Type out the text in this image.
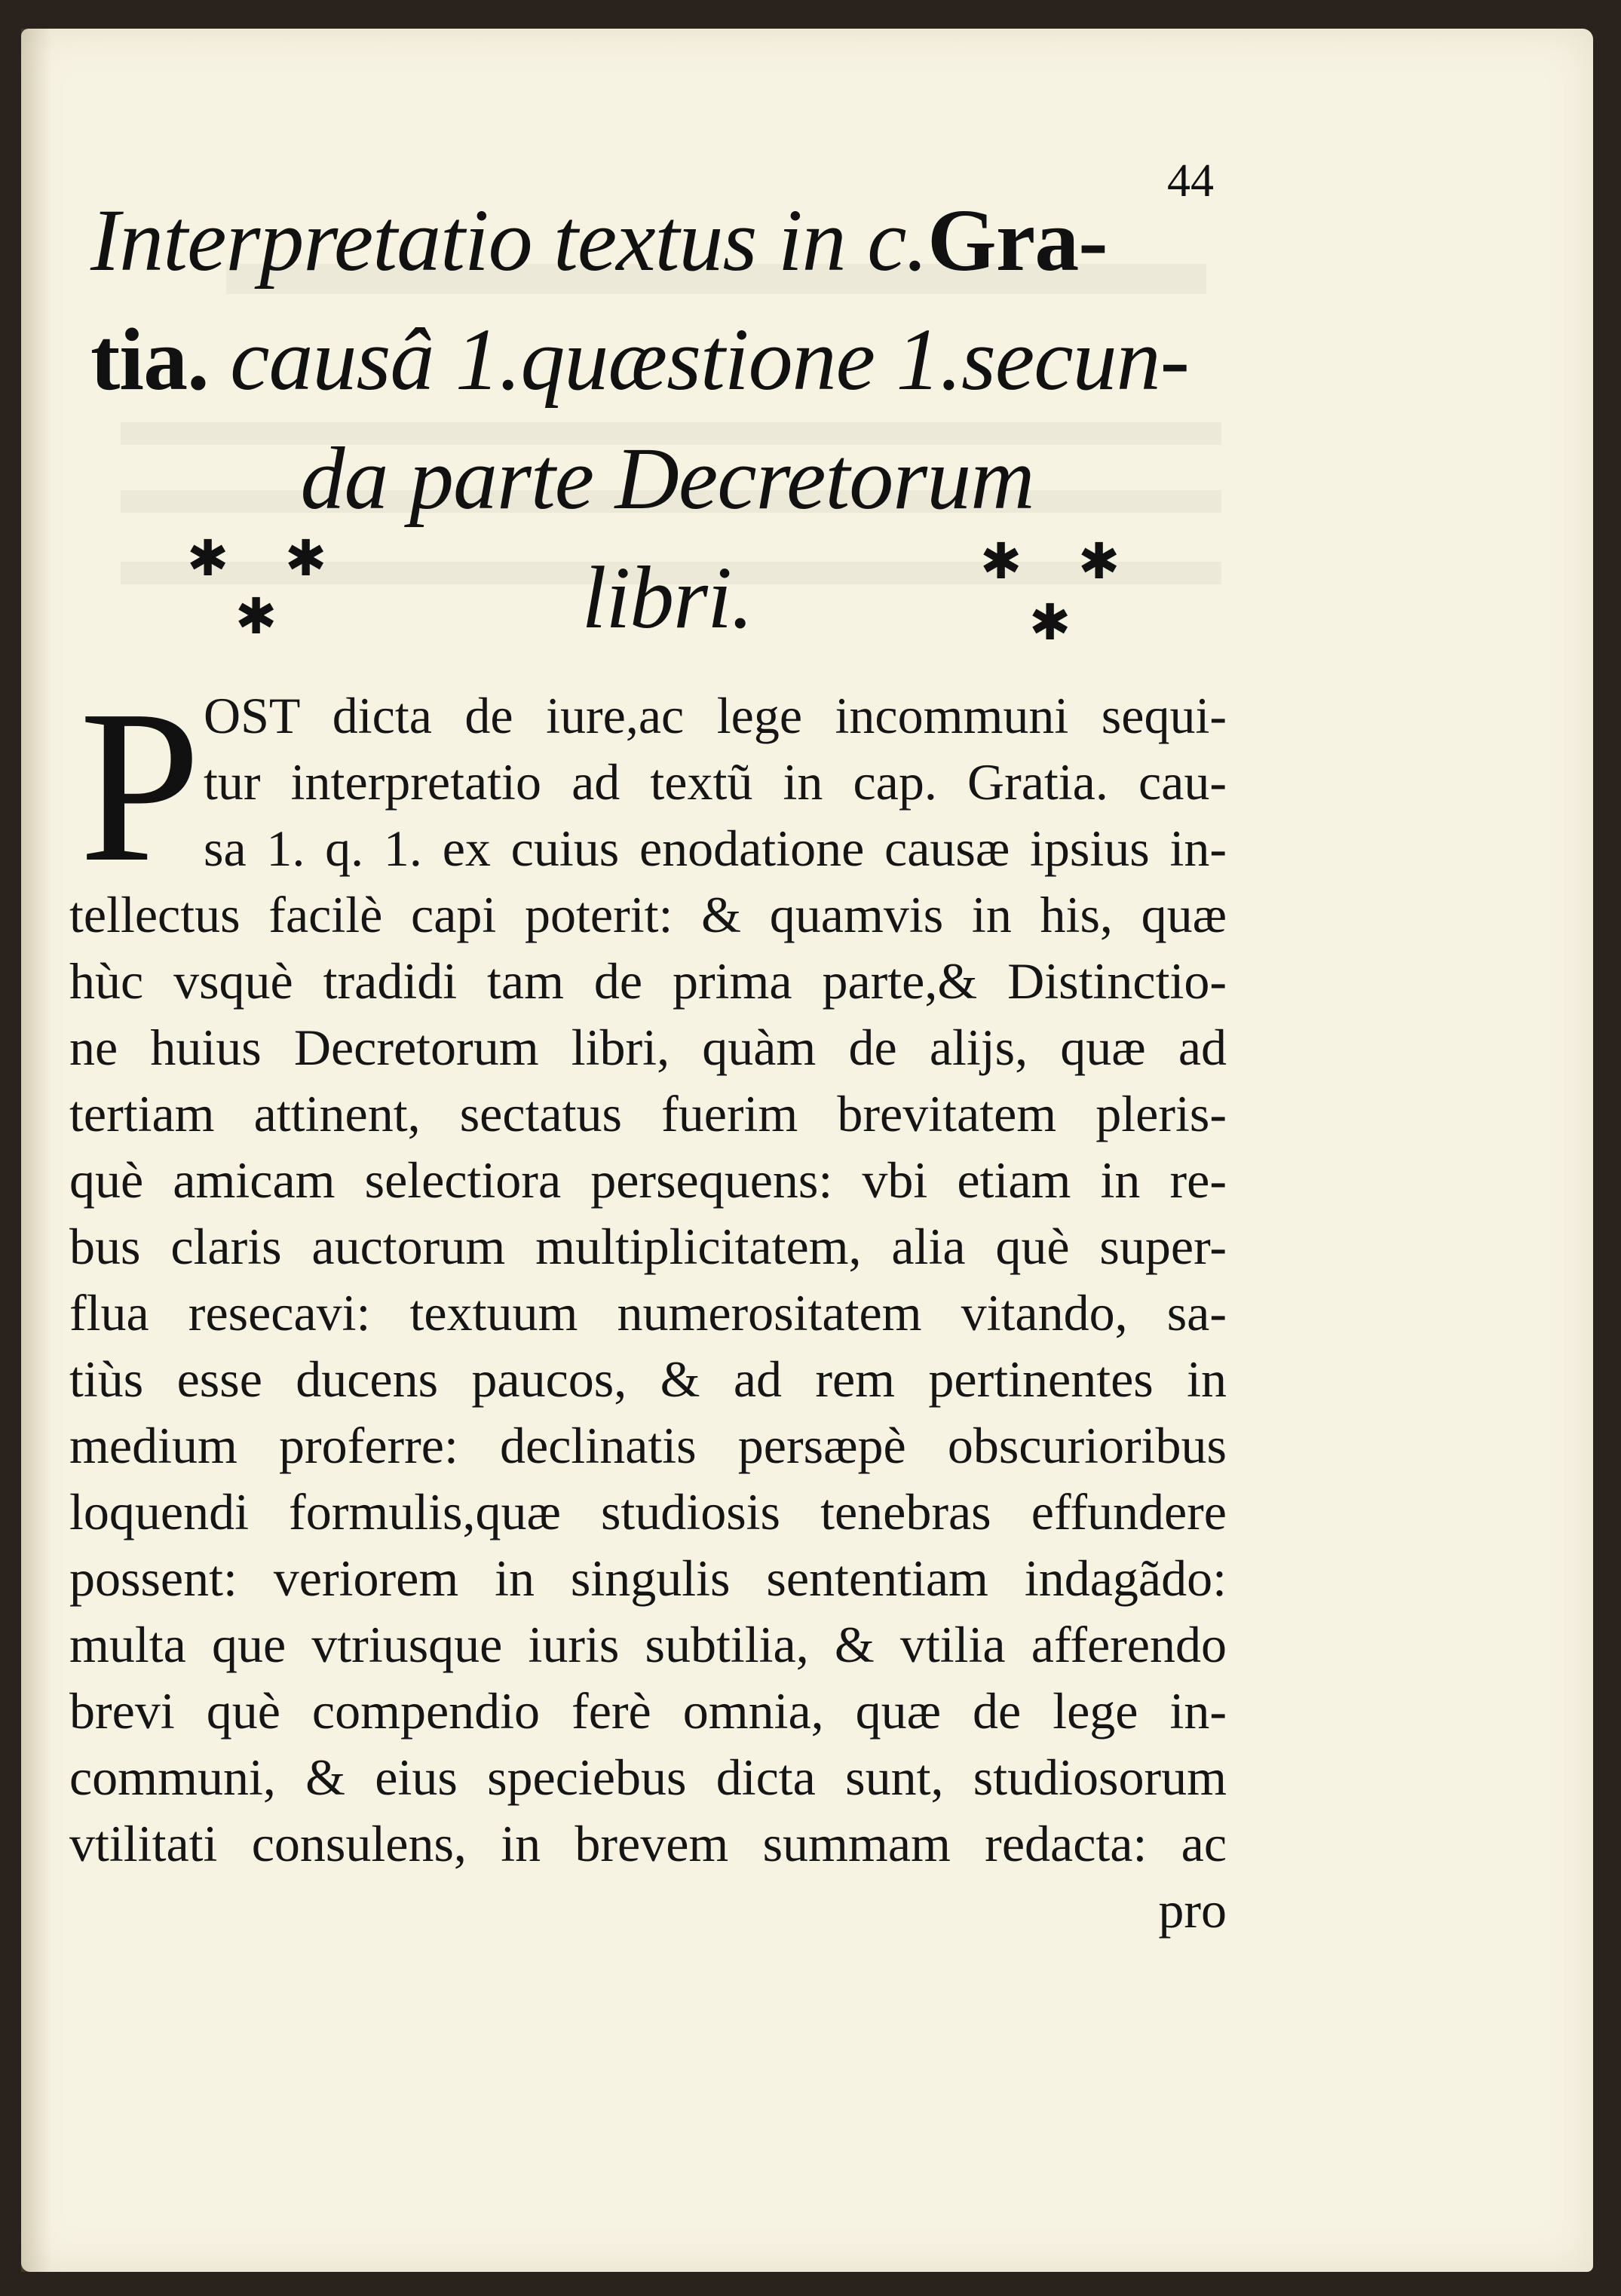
44
Interpretatio textus in c.Gra-
tia. causâ 1.quæstione 1.secun-
da parte Decretorum
libri.
✱ ✱
✱
✱ ✱
✱
P OST dicta de iure,ac lege incommuni sequi-
tur interpretatio ad textũ in cap. Gratia. cau-
sa 1. q. 1. ex cuius enodatione causæ ipsius in-
tellectus facilè capi poterit: & quamvis in his, quæ
hùc vsquè tradidi tam de prima parte,& Distinctio-
ne huius Decretorum libri, quàm de alijs, quæ ad
tertiam attinent, sectatus fuerim brevitatem pleris-
què amicam selectiora persequens: vbi etiam in re-
bus claris auctorum multiplicitatem, alia què super-
flua resecavi: textuum numerositatem vitando, sa-
tiùs esse ducens paucos, & ad rem pertinentes in
medium proferre: declinatis persæpè obscurioribus
loquendi formulis,quæ studiosis tenebras effundere
possent: veriorem in singulis sententiam indagãdo:
multa que vtriusque iuris subtilia, & vtilia afferendo
brevi què compendio ferè omnia, quæ de lege in-
communi, & eius speciebus dicta sunt, studiosorum
vtilitati consulens, in brevem summam redacta: ac
pro
